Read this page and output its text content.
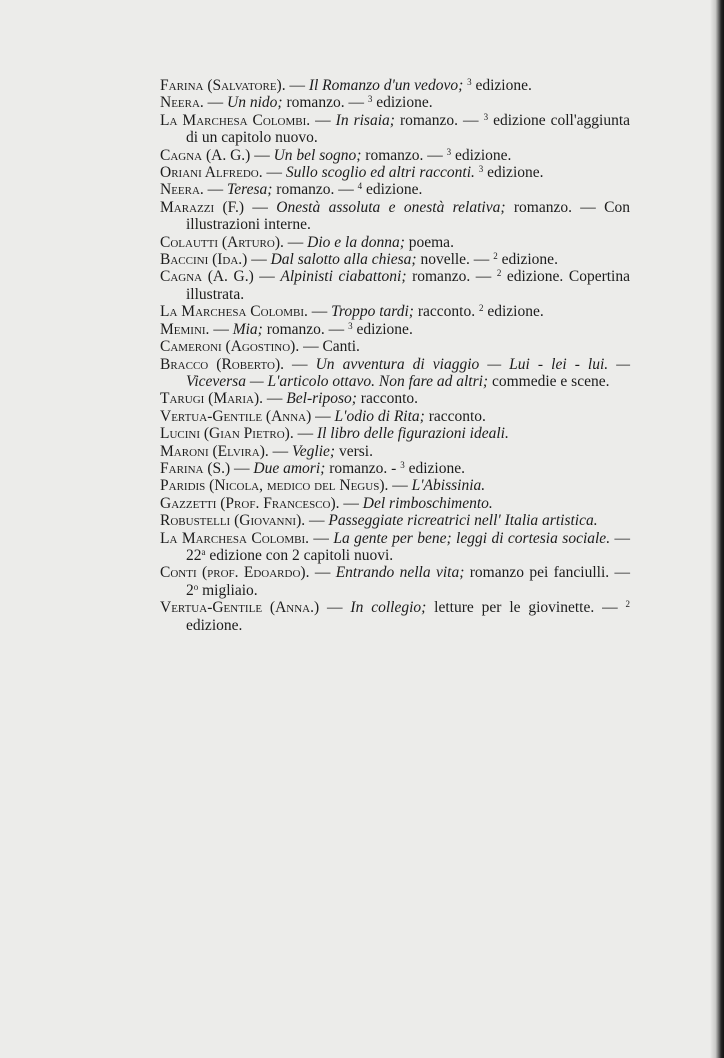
Farina (Salvatore). — Il Romanzo d'un vedovo; $^3$ edizione.
Neera. — Un nido; romanzo. — $^3$ edizione.
La Marchesa Colombi. — In risaia; romanzo. — $^3$ edizione coll'aggiunta di un capitolo nuovo.
Cagna (A. G.) — Un bel sogno; romanzo. — $^3$ edizione.
Oriani Alfredo. — Sullo scoglio ed altri racconti. $^3$ edizione.
Neera. — Teresa; romanzo. — $^4$ edizione.
Marazzi (F.) — Onestà assoluta e onestà relativa; romanzo. — Con illustrazioni interne.
Colautti (Arturo). — Dio e la donna; poema.
Baccini (Ida.) — Dal salotto alla chiesa; novelle. — $^2$ edizione.
Cagna (A. G.) — Alpinisti ciabattoni; romanzo. — $^2$ edizione. Copertina illustrata.
La Marchesa Colombi. — Troppo tardi; racconto. $^2$ edizione.
Memini. — Mia; romanzo. — $^3$ edizione.
Cameroni (Agostino). — Canti.
Bracco (Roberto). — Un avventura di viaggio — Lui - lei - lui. — Viceversa — L'articolo ottavo. Non fare ad altri; commedie e scene.
Tarugi (Maria). — Bel-riposo; racconto.
Vertua-Gentile (Anna) — L'odio di Rita; racconto.
Lucini (Gian Pietro). — Il libro delle figurazioni ideali.
Maroni (Elvira). — Veglie; versi.
Farina (S.) — Due amori; romanzo. - $^3$ edizione.
Paridis (Nicola, medico del Negus). — L'Abissinia.
Gazzetti (Prof. Francesco). — Del rimboschimento.
Robustelli (Giovanni). — Passeggiate ricreatrici nell' Italia artistica.
La Marchesa Colombi. — La gente per bene; leggi di cortesia sociale. — 22$^a$ edizione con 2 capitoli nuovi.
Conti (prof. Edoardo). — Entrando nella vita; romanzo pei fanciulli. — 2$^o$ migliaio.
Vertua-Gentile (Anna.) — In collegio; letture per le giovinette. — $^2$ edizione.
